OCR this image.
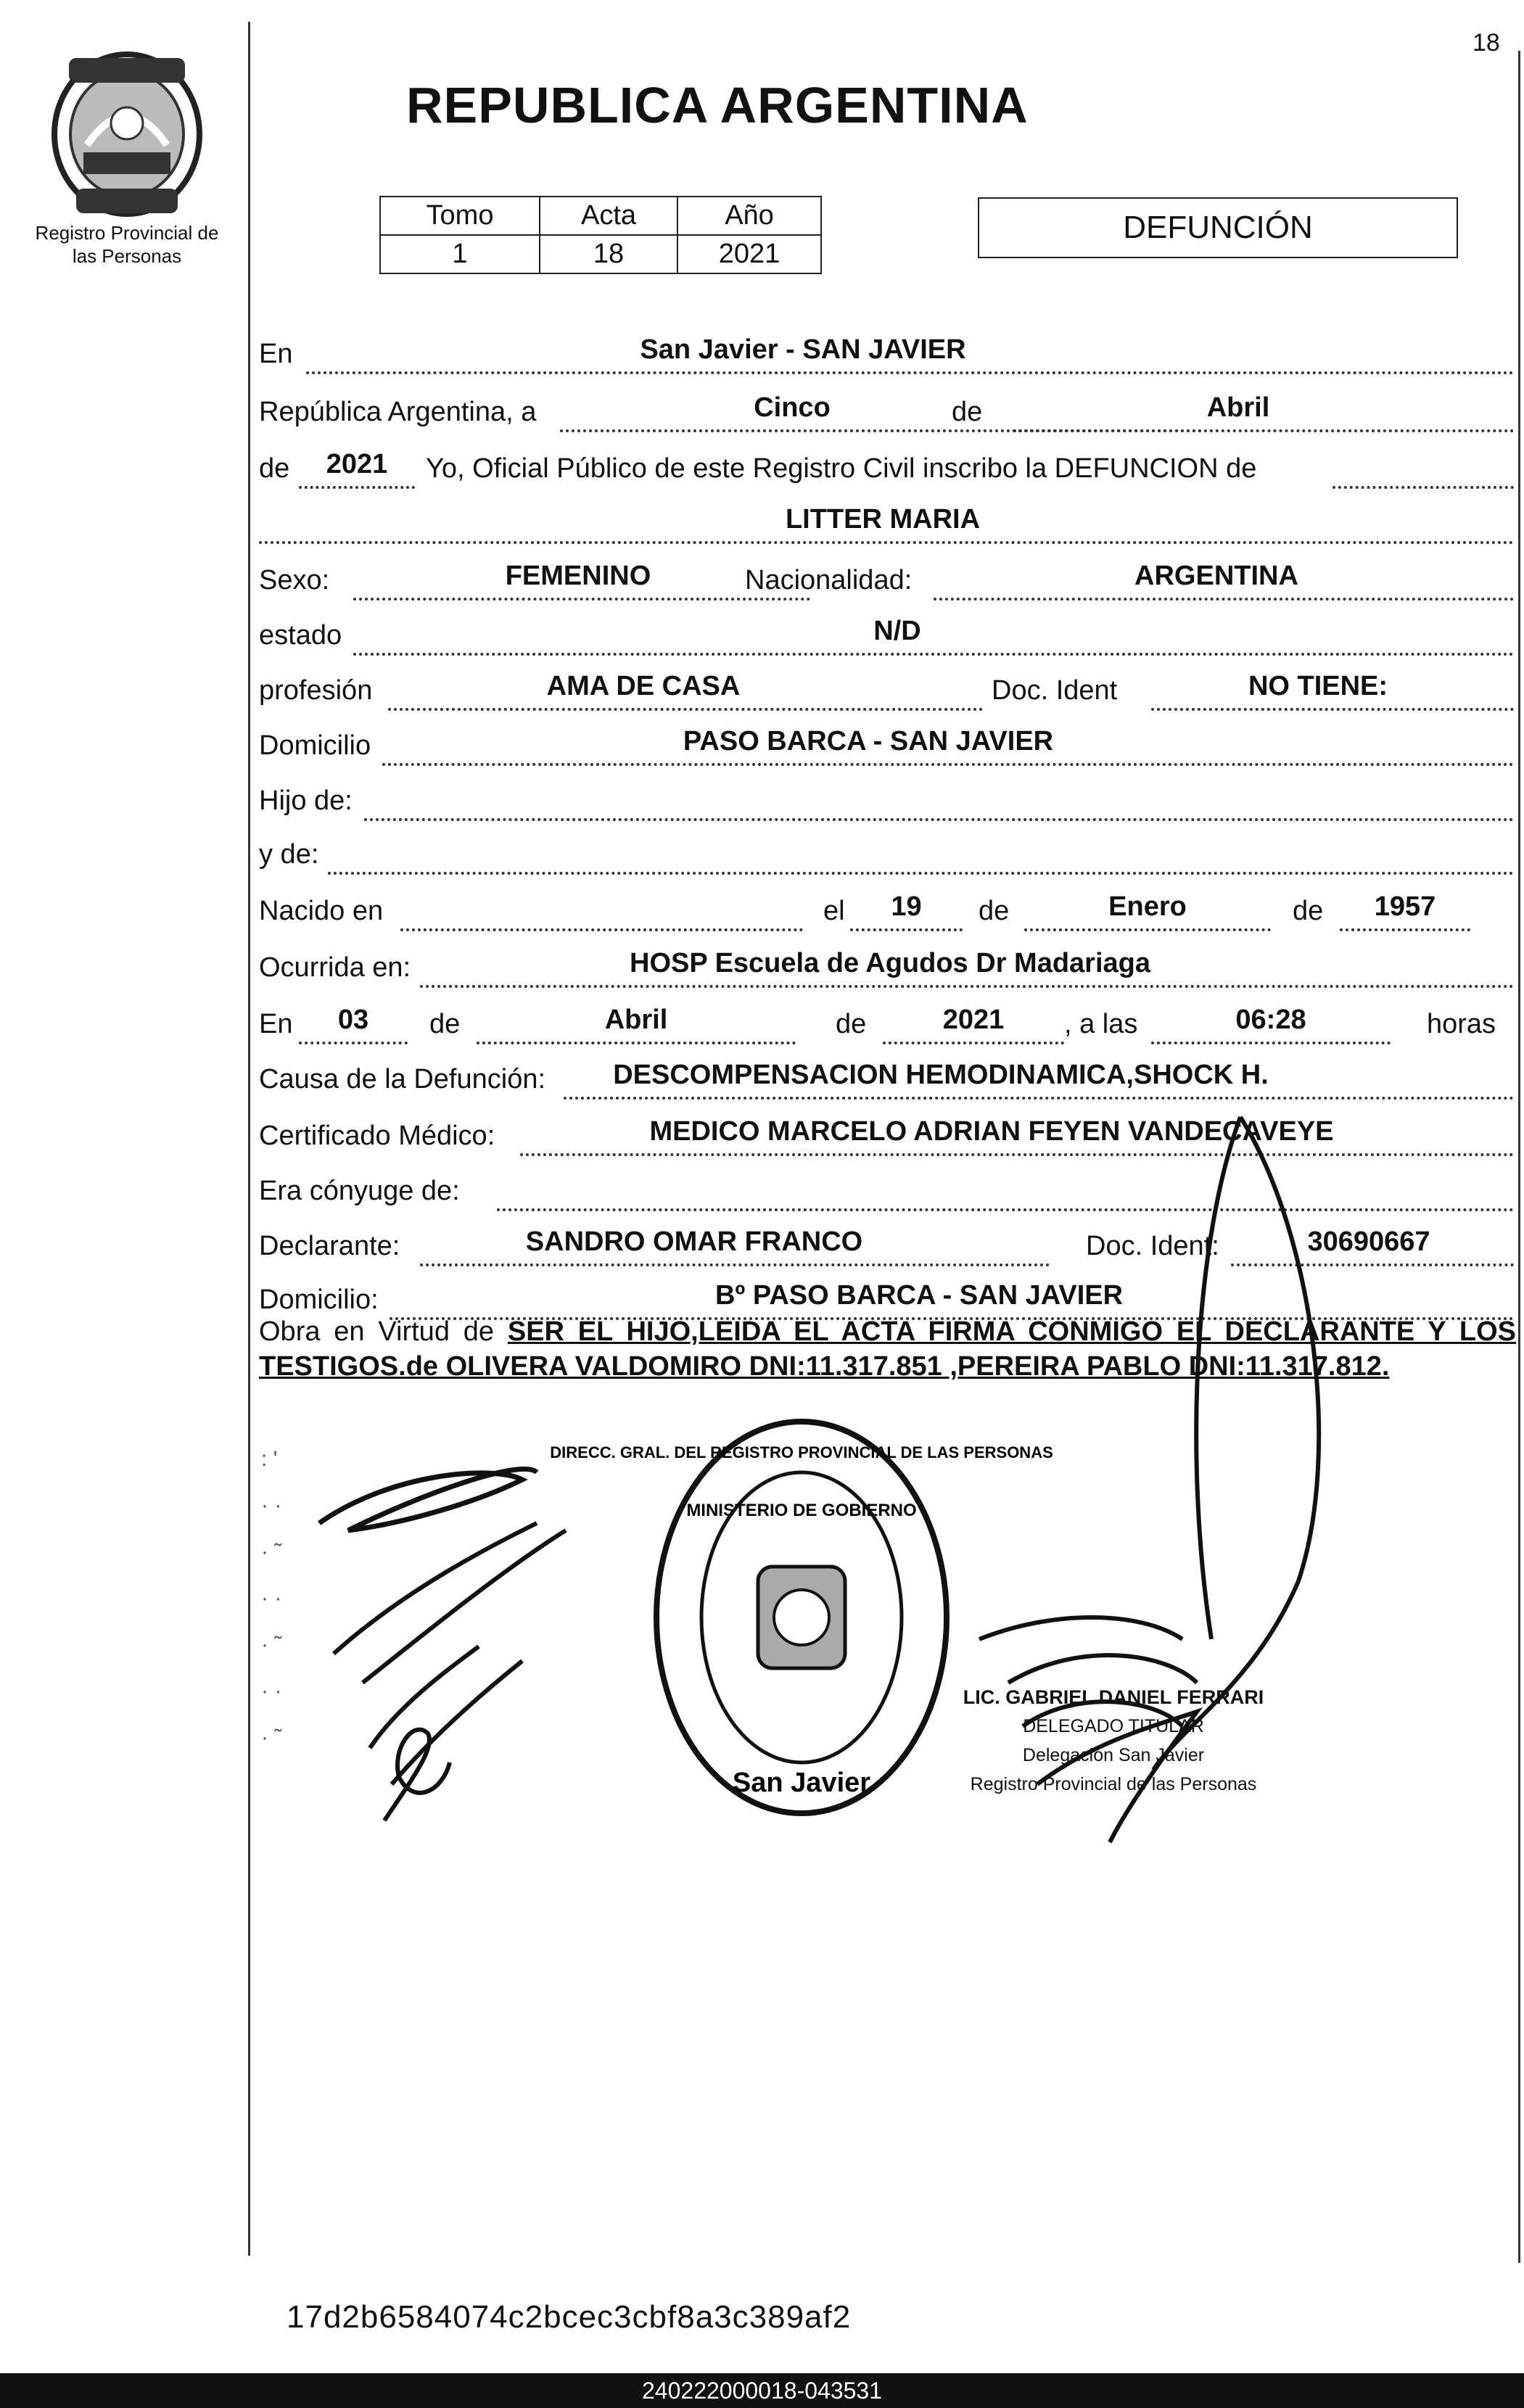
Registro Provincial de
las Personas
18
REPUBLICA ARGENTINA
Tomo	Acta	Año
1	18	2021
DEFUNCIÓN
En	San Javier - SAN JAVIER
República Argentina, a	Cinco	de	Abril
de	2021	Yo, Oficial Público de este Registro Civil inscribo la DEFUNCION de
LITTER MARIA
Sexo:	FEMENINO	Nacionalidad:	ARGENTINA
estado	N/D
profesión	AMA DE CASA	Doc. Ident	NO TIENE:
Domicilio	PASO BARCA - SAN JAVIER
Hijo de:
y de:
Nacido en	el	19	de	Enero	de	1957
Ocurrida en:	HOSP Escuela de Agudos Dr Madariaga
En	03	de	Abril	de	2021	, a las	06:28	horas
Causa de la Defunción:	DESCOMPENSACION HEMODINAMICA,SHOCK H.
Certificado Médico:	MEDICO MARCELO ADRIAN FEYEN VANDECAVEYE
Era cónyuge de:
Declarante:	SANDRO OMAR FRANCO	Doc. Ident:	30690667
Domicilio:	Bº PASO BARCA - SAN JAVIER
Obra en Virtud de SER EL HIJO,LEIDA EL ACTA FIRMA CONMIGO EL DECLARANTE Y LOS TESTIGOS.de OLIVERA VALDOMIRO DNI:11.317.851 ,PEREIRA PABLO DNI:11.317.812.
: '
· ·
· ˜
· ·
· ˜
· ·
· ˜
San Javier
DIRECC. GRAL. DEL REGISTRO PROVINCIAL DE LAS PERSONAS
MINISTERIO DE GOBIERNO
LIC. GABRIEL DANIEL FERRARI
DELEGADO TITULAR
Delegación San Javier
Registro Provincial de las Personas
17d2b6584074c2bcec3cbf8a3c389af2
240222000018-043531
